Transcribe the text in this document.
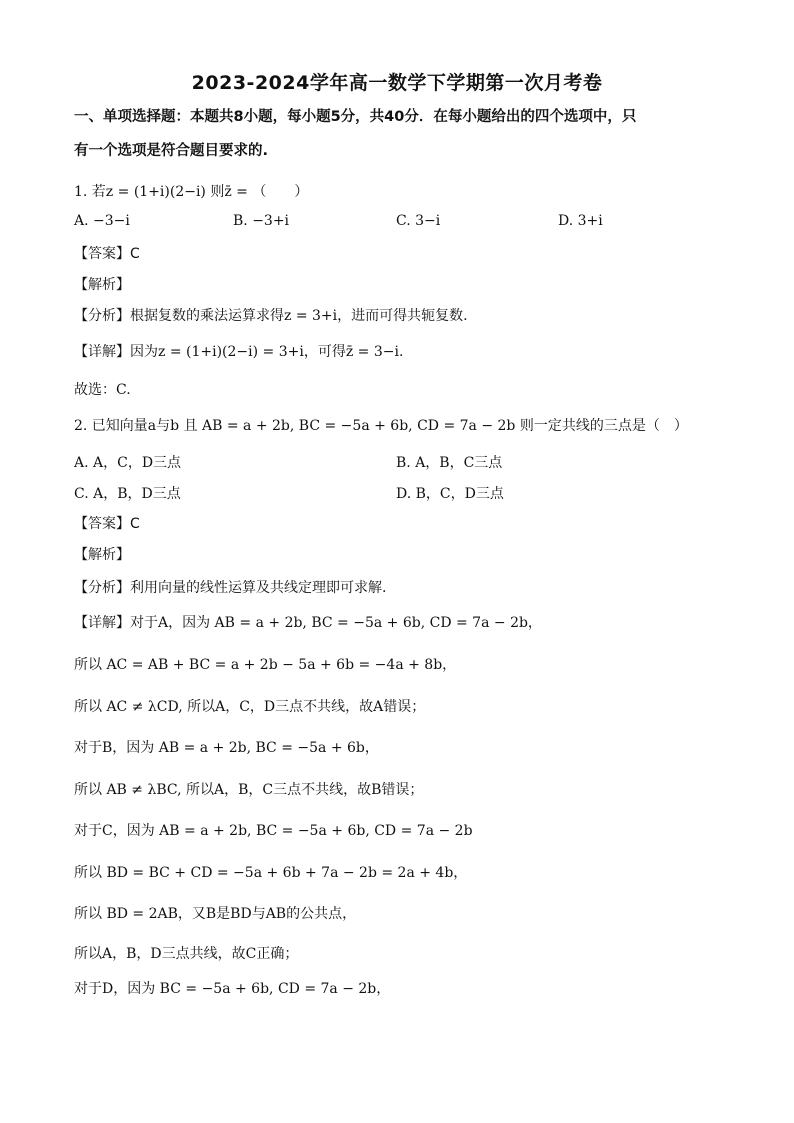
2023-2024学年高一数学下学期第一次月考卷
一、单项选择题：本题共8小题，每小题5分，共40分．在每小题给出的四个选项中，只
有一个选项是符合题目要求的.
1. 若z = (1+i)(2−i) 则z̄ = （　　）
A. −3−i	B. −3+i	C. 3−i	D. 3+i
【答案】C
【解析】
【分析】根据复数的乘法运算求得z = 3+i，进而可得共轭复数.
【详解】因为z = (1+i)(2−i) = 3+i，可得z̄ = 3−i.
故选：C.
2. 已知向量a与b 且 AB = a + 2b, BC = −5a + 6b, CD = 7a − 2b 则一定共线的三点是（　）
A. A，C，D三点	B. A，B，C三点
C. A，B，D三点	D. B，C，D三点
【答案】C
【解析】
【分析】利用向量的线性运算及共线定理即可求解.
【详解】对于A，因为 AB = a + 2b, BC = −5a + 6b, CD = 7a − 2b，
所以 AC = AB + BC = a + 2b − 5a + 6b = −4a + 8b，
所以 AC ≠ λCD, 所以A，C，D三点不共线，故A错误；
对于B，因为 AB = a + 2b, BC = −5a + 6b，
所以 AB ≠ λBC, 所以A，B，C三点不共线，故B错误；
对于C，因为 AB = a + 2b, BC = −5a + 6b, CD = 7a − 2b
所以 BD = BC + CD = −5a + 6b + 7a − 2b = 2a + 4b，
所以 BD = 2AB，又B是BD与AB的公共点，
所以A，B，D三点共线，故C正确；
对于D，因为 BC = −5a + 6b, CD = 7a − 2b，
